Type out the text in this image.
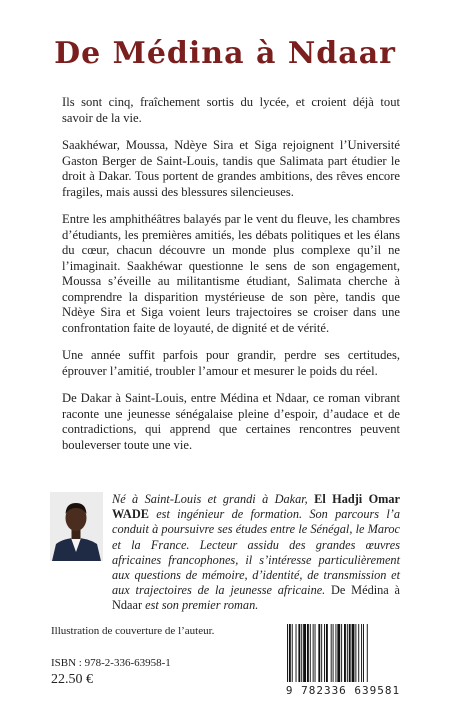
De Médina à Ndaar

Ils sont cinq, fraîchement sortis du lycée, et croient déjà tout savoir de la vie.

Saakhéwar, Moussa, Ndèye Sira et Siga rejoignent l’Université Gaston Berger de Saint-Louis, tandis que Salimata part étudier le droit à Dakar. Tous portent de grandes ambitions, des rêves encore fragiles, mais aussi des blessures silencieuses.

Entre les amphithéâtres balayés par le vent du fleuve, les chambres d’étudiants, les premières amitiés, les débats politiques et les élans du cœur, chacun découvre un monde plus complexe qu’il ne l’imaginait. Saakhéwar questionne le sens de son engagement, Moussa s’éveille au militantisme étudiant, Salimata cherche à comprendre la disparition mystérieuse de son père, tandis que Ndèye Sira et Siga voient leurs trajectoires se croiser dans une confrontation faite de loyauté, de dignité et de vérité.

Une année suffit parfois pour grandir, perdre ses certitudes, éprouver l’amitié, troubler l’amour et mesurer le poids du réel.

De Dakar à Saint-Louis, entre Médina et Ndaar, ce roman vibrant raconte une jeunesse sénégalaise pleine d’espoir, d’audace et de contradictions, qui apprend que certaines rencontres peuvent bouleverser toute une vie.

Né à Saint-Louis et grandi à Dakar, El Hadji Omar WADE est ingénieur de formation. Son parcours l’a conduit à poursuivre ses études entre le Sénégal, le Maroc et la France. Lecteur assidu des grandes œuvres africaines francophones, il s’intéresse particulièrement aux questions de mémoire, d’identité, de transmission et aux trajectoires de la jeunesse africaine. De Médina à Ndaar est son premier roman.
Illustration de couverture de l’auteur.
ISBN : 978-2-336-63958-1
22.50 €
9 782336 639581
